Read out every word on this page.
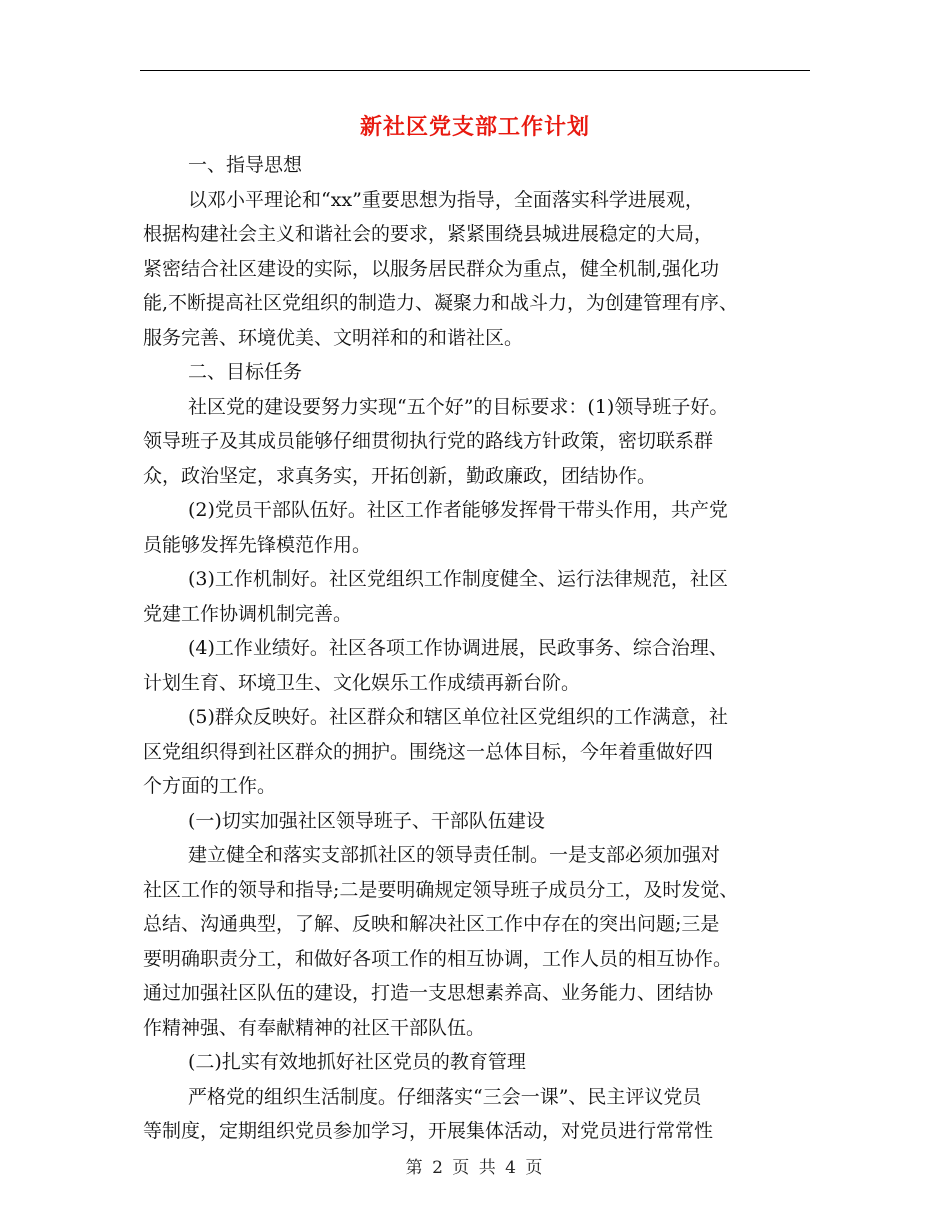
新社区党支部工作计划
一、指导思想
以邓小平理论和“xx”重要思想为指导，全面落实科学进展观，
根据构建社会主义和谐社会的要求，紧紧围绕县城进展稳定的大局，
紧密结合社区建设的实际，以服务居民群众为重点，健全机制,强化功
能,不断提高社区党组织的制造力、凝聚力和战斗力，为创建管理有序、
服务完善、环境优美、文明祥和的和谐社区。
二、目标任务
社区党的建设要努力实现“五个好”的目标要求：(1)领导班子好。
领导班子及其成员能够仔细贯彻执行党的路线方针政策，密切联系群
众，政治坚定，求真务实，开拓创新，勤政廉政，团结协作。
(2)党员干部队伍好。社区工作者能够发挥骨干带头作用，共产党
员能够发挥先锋模范作用。
(3)工作机制好。社区党组织工作制度健全、运行法律规范，社区
党建工作协调机制完善。
(4)工作业绩好。社区各项工作协调进展，民政事务、综合治理、
计划生育、环境卫生、文化娱乐工作成绩再新台阶。
(5)群众反映好。社区群众和辖区单位社区党组织的工作满意，社
区党组织得到社区群众的拥护。围绕这一总体目标，今年着重做好四
个方面的工作。
(一)切实加强社区领导班子、干部队伍建设
建立健全和落实支部抓社区的领导责任制。一是支部必须加强对
社区工作的领导和指导;二是要明确规定领导班子成员分工，及时发觉、
总结、沟通典型，了解、反映和解决社区工作中存在的突出问题;三是
要明确职责分工，和做好各项工作的相互协调，工作人员的相互协作。
通过加强社区队伍的建设，打造一支思想素养高、业务能力、团结协
作精神强、有奉献精神的社区干部队伍。
(二)扎实有效地抓好社区党员的教育管理
严格党的组织生活制度。仔细落实“三会一课”、民主评议党员
等制度，定期组织党员参加学习，开展集体活动，对党员进行常常性
第 2 页 共 4 页
